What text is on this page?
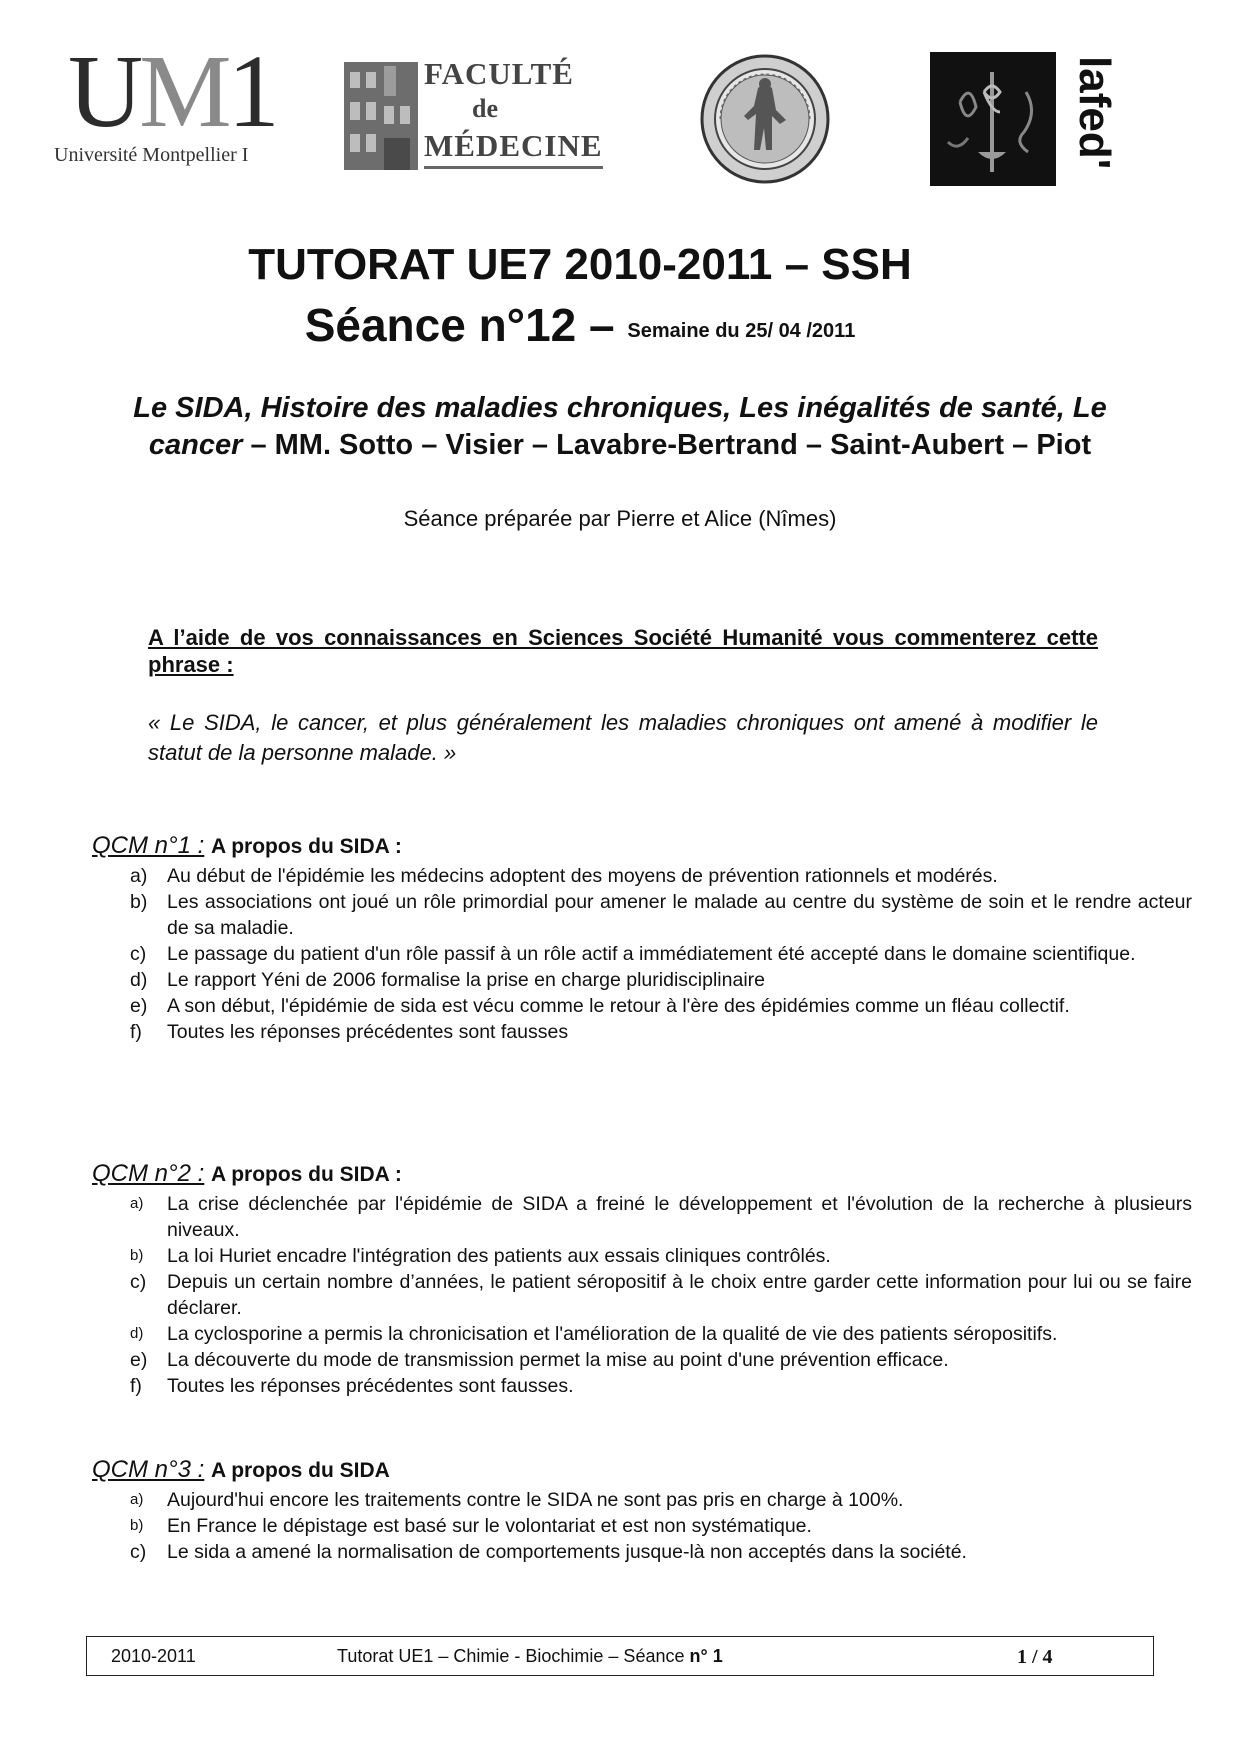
UM1
Université Montpellier I
FACULTÉ
de
MÉDECINE	lafed'
TUTORAT UE7 2010-2011 – SSH
Séance n°12 – Semaine du 25/ 04 /2011
Le SIDA, Histoire des maladies chroniques, Les inégalités de santé, Le cancer – MM. Sotto – Visier – Lavabre-Bertrand – Saint-Aubert – Piot
Séance préparée par Pierre et Alice (Nîmes)
A l’aide de vos connaissances en Sciences Société Humanité vous commenterez cette phrase :
« Le SIDA, le cancer, et plus généralement les maladies chroniques ont amené à modifier le statut de la personne malade. »
QCM n°1 : A propos du SIDA :
a) Au début de l'épidémie les médecins adoptent des moyens de prévention rationnels et modérés.
b) Les associations ont joué un rôle primordial pour amener le malade au centre du système de soin et le rendre acteur de sa maladie.
c) Le passage du patient d'un rôle passif à un rôle actif a immédiatement été accepté dans le domaine scientifique.
d) Le rapport Yéni de 2006 formalise la prise en charge pluridisciplinaire
e) A son début, l'épidémie de sida est vécu comme le retour à l'ère des épidémies comme un fléau collectif.
f) Toutes les réponses précédentes sont fausses
QCM n°2 : A propos du SIDA :
a) La crise déclenchée par l'épidémie de SIDA a freiné le développement et l'évolution de la recherche à plusieurs niveaux.
b) La loi Huriet encadre l'intégration des patients aux essais cliniques contrôlés.
c) Depuis un certain nombre d’années, le patient séropositif à le choix entre garder cette information pour lui ou se faire déclarer.
d) La cyclosporine a permis la chronicisation et l'amélioration de la qualité de vie des patients séropositifs.
e) La découverte du mode de transmission permet la mise au point d'une prévention efficace.
f) Toutes les réponses précédentes sont fausses.
QCM n°3 : A propos du SIDA
a) Aujourd'hui encore les traitements contre le SIDA ne sont pas pris en charge à 100%.
b) En France le dépistage est basé sur le volontariat et est non systématique.
c) Le sida a amené la normalisation de comportements jusque-là non acceptés dans la société.
2010-2011	Tutorat UE1 – Chimie - Biochimie – Séance n° 1	1 / 4
